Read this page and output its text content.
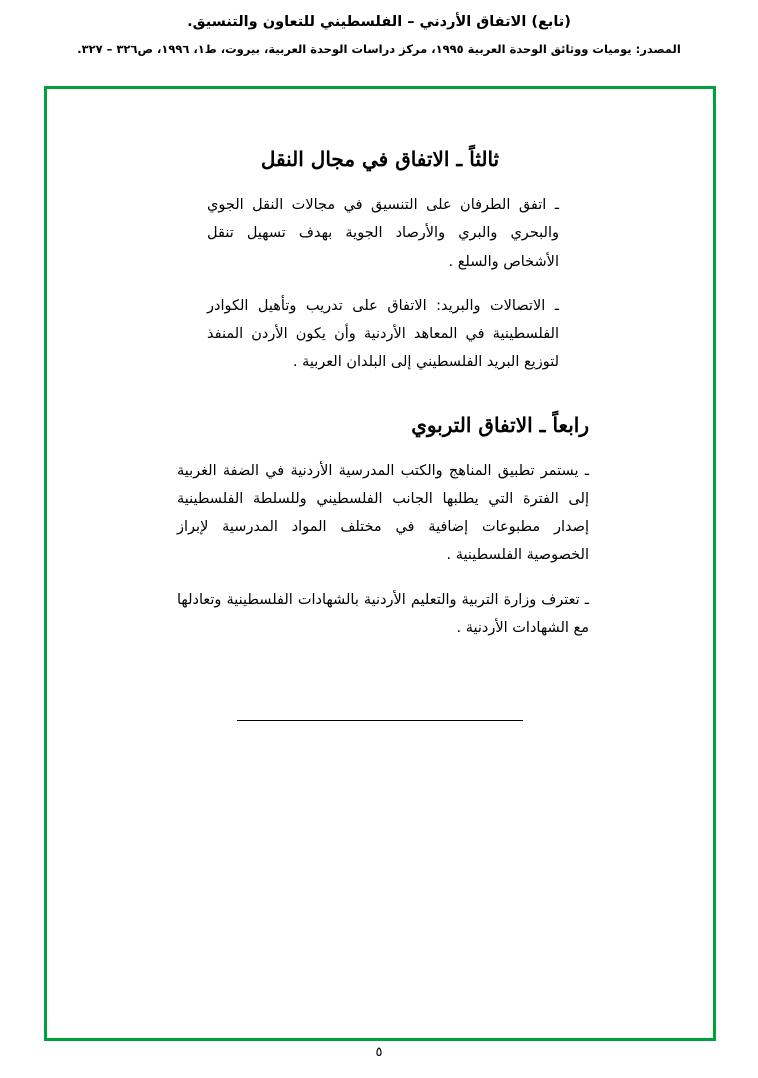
(تابع) الاتفاق الأردني – الفلسطيني للتعاون والتنسيق.
المصدر: يوميات ووثائق الوحدة العربية ١٩٩٥، مركز دراسات الوحدة العربية، بيروت، ط١، ١٩٩٦، ص٣٢٦ – ٣٢٧.
ثالثاً ـ الاتفاق في مجال النقل

ـ اتفق الطرفان على التنسيق في مجالات النقل الجوي والبحري والبري والأرصاد الجوية بهدف تسهيل تنقل الأشخاص والسلع .

ـ الاتصالات والبريد: الاتفاق على تدريب وتأهيل الكوادر الفلسطينية في المعاهد الأردنية وأن يكون الأردن المنفذ لتوزيع البريد الفلسطيني إلى البلدان العربية .

رابعاً ـ الاتفاق التربوي

ـ يستمر تطبيق المناهج والكتب المدرسية الأردنية في الضفة الغربية إلى الفترة التي يطلبها الجانب الفلسطيني وللسلطة الفلسطينية إصدار مطبوعات إضافية في مختلف المواد المدرسية لإبراز الخصوصية الفلسطينية .

ـ تعترف وزارة التربية والتعليم الأردنية بالشهادات الفلسطينية وتعادلها مع الشهادات الأردنية .

٥
